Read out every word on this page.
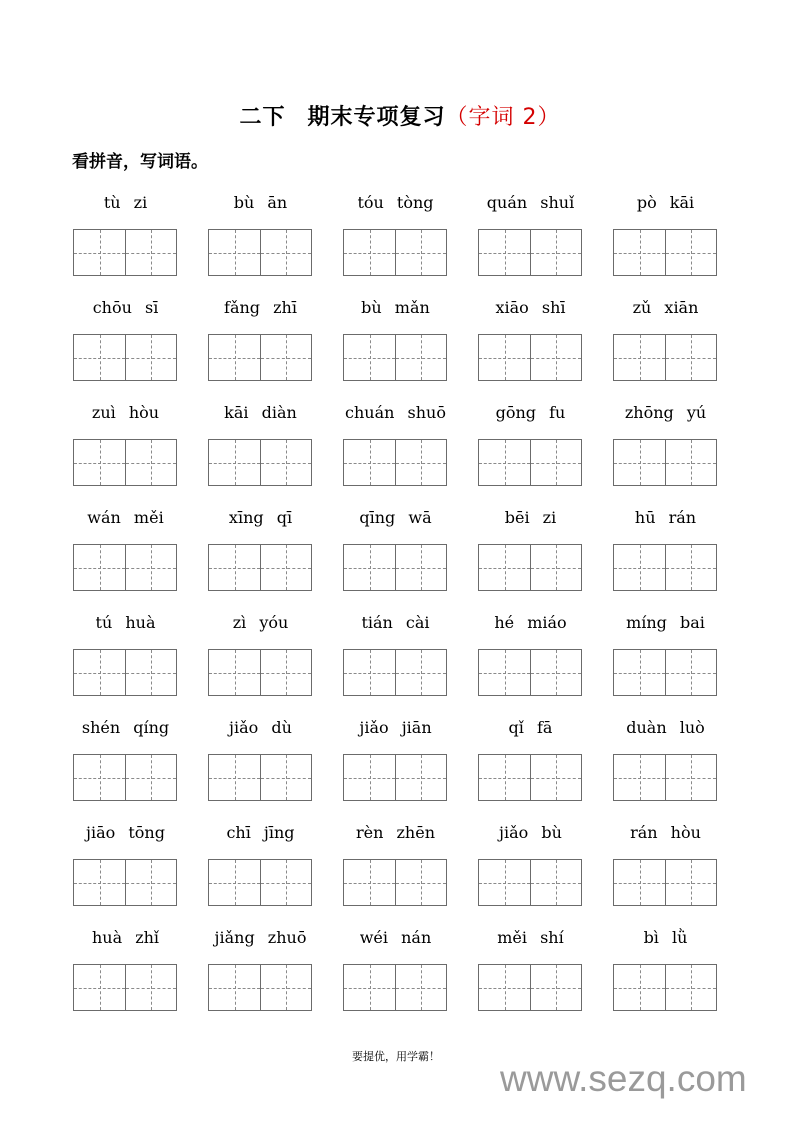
二下 期末专项复习（字词 2）
看拼音，写词语。
tù zi	bù ān	tóu tòng	quán shuǐ	pò kāi
chōu sī	fǎng zhī	bù mǎn	xiāo shī	zǔ xiān
zuì hòu	kāi diàn	chuán shuō	gōng fu	zhōng yú
wán měi	xīng qī	qīng wā	bēi zi	hū rán
tú huà	zì yóu	tián cài	hé miáo	míng bai
shén qíng	jiǎo dù	jiǎo jiān	qǐ fā	duàn luò
jiāo tōng	chī jīng	rèn zhēn	jiǎo bù	rán hòu
huà zhǐ	jiǎng zhuō	wéi nán	měi shí	bì lǜ
要提优，用学霸！
www.sezq.com
